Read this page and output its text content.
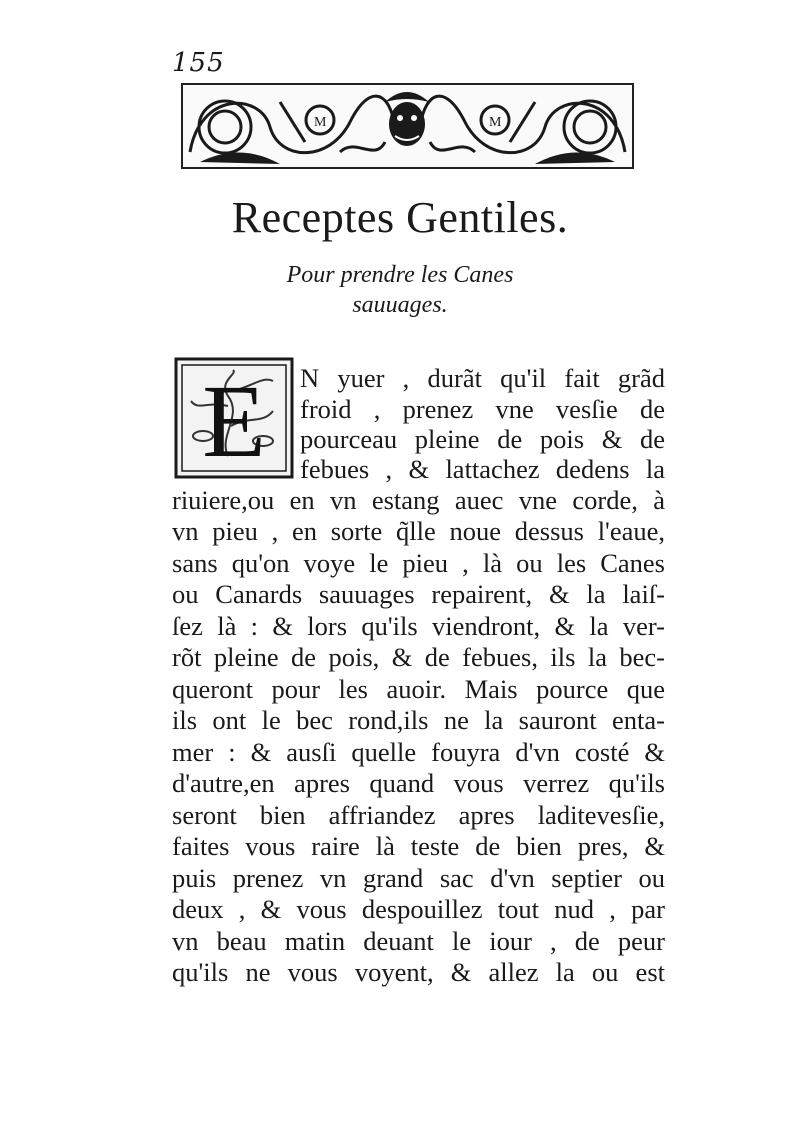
155
M	M
Receptes Gentiles.
Pour prendre les Canes
sauuages.
E N yuer , durãt qu'il fait grãd
froid , prenez vne vesſie de
pourceau pleine de pois & de
febues , & lattachez dedens la
riuiere,ou en vn estang auec vne corde, à
vn pieu , en sorte q̃lle noue dessus l'eaue,
sans qu'on voye le pieu , là ou les Canes
ou Canards sauuages repairent, & la laiſ-
ſez là : & lors qu'ils viendront, & la ver-
rõt pleine de pois, & de febues, ils la bec-
queront pour les auoir. Mais pource que
ils ont le bec rond,ils ne la sauront enta-
mer : & ausſi quelle fouyra d'vn costé &
d'autre,en apres quand vous verrez qu'ils
seront bien affriandez apres laditevesſie,
faites vous raire là teste de bien pres, &
puis prenez vn grand sac d'vn septier ou
deux , & vous despouillez tout nud , par
vn beau matin deuant le iour , de peur
qu'ils ne vous voyent, & allez la ou est
